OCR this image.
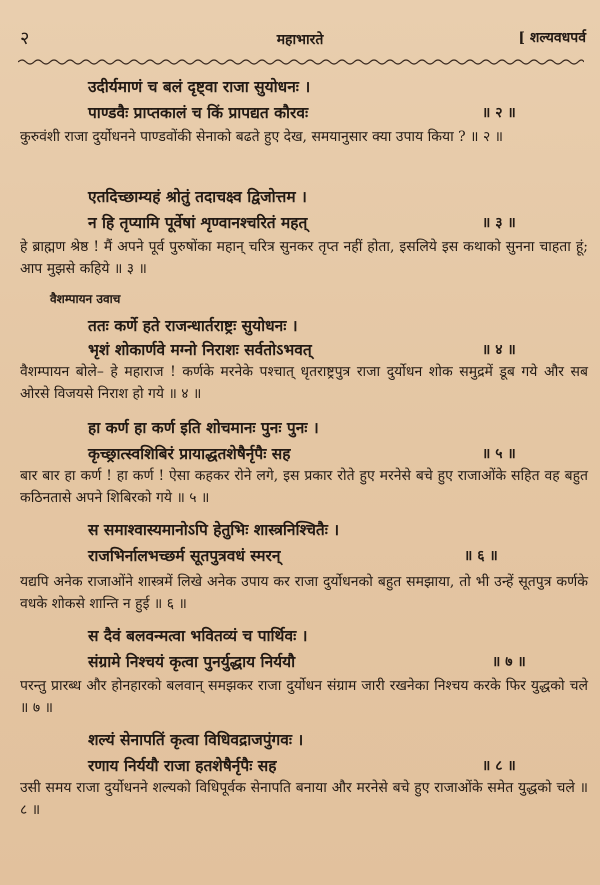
२	महाभारते	[ शल्यवधपर्व
उदीर्यमाणं च बलं दृष्ट्वा राजा सुयोधनः ।
पाण्डवैः प्राप्तकालं च किं प्रापद्यत कौरवः	॥ २ ॥
कुरुवंशी राजा दुर्योधनने पाण्डवोंकी सेनाको बढते हुए देख, समयानुसार क्या उपाय किया ? ॥ २ ॥
एतदिच्छाम्यहं श्रोतुं तदाचक्ष्व द्विजोत्तम ।
न हि तृप्यामि पूर्वेषां शृण्वानश्चरितं महत्	॥ ३ ॥
हे ब्राह्मण श्रेष्ठ ! मैं अपने पूर्व पुरुषोंका महान् चरित्र सुनकर तृप्त नहीं होता, इसलिये इस कथाको सुनना चाहता हूं; आप मुझसे कहिये ॥ ३ ॥
वैशम्पायन उवाच
ततः कर्णे हते राजन्धार्तराष्ट्रः सुयोधनः ।
भृशं शोकार्णवे मग्नो निराशः सर्वतोऽभवत्	॥ ४ ॥
वैशम्पायन बोले– हे महाराज ! कर्णके मरनेके पश्चात् धृतराष्ट्रपुत्र राजा दुर्योधन शोक समुद्रमें डूब गये और सब ओरसे विजयसे निराश हो गये ॥ ४ ॥
हा कर्ण हा कर्ण इति शोचमानः पुनः पुनः ।
कृच्छ्रात्स्वशिबिरं प्रायाद्धतशेषैर्नृपैः सह	॥ ५ ॥
बार बार हा कर्ण ! हा कर्ण ! ऐसा कहकर रोने लगे, इस प्रकार रोते हुए मरनेसे बचे हुए राजाओंके सहित वह बहुत कठिनतासे अपने शिबिरको गये ॥ ५ ॥
स समाश्वास्यमानोऽपि हेतुभिः शास्त्रनिश्चितैः ।
राजभिर्नालभच्छर्म सूतपुत्रवधं स्मरन्	॥ ६ ॥
यद्यपि अनेक राजाओंने शास्त्रमें लिखे अनेक उपाय कर राजा दुर्योधनको बहुत समझाया, तो भी उन्हें सूतपुत्र कर्णके वधके शोकसे शान्ति न हुई ॥ ६ ॥
स दैवं बलवन्मत्वा भवितव्यं च पार्थिवः ।
संग्रामे निश्चयं कृत्वा पुनर्युद्धाय निर्ययौ	॥ ७ ॥
परन्तु प्रारब्ध और होनहारको बलवान् समझकर राजा दुर्योधन संग्राम जारी रखनेका निश्चय करके फिर युद्धको चले ॥ ७ ॥
शल्यं सेनापतिं कृत्वा विधिवद्राजपुंगवः ।
रणाय निर्ययौ राजा हतशेषैर्नृपैः सह	॥ ८ ॥
उसी समय राजा दुर्योधनने शल्यको विधिपूर्वक सेनापति बनाया और मरनेसे बचे हुए राजाओंके समेत युद्धको चले ॥ ८ ॥
